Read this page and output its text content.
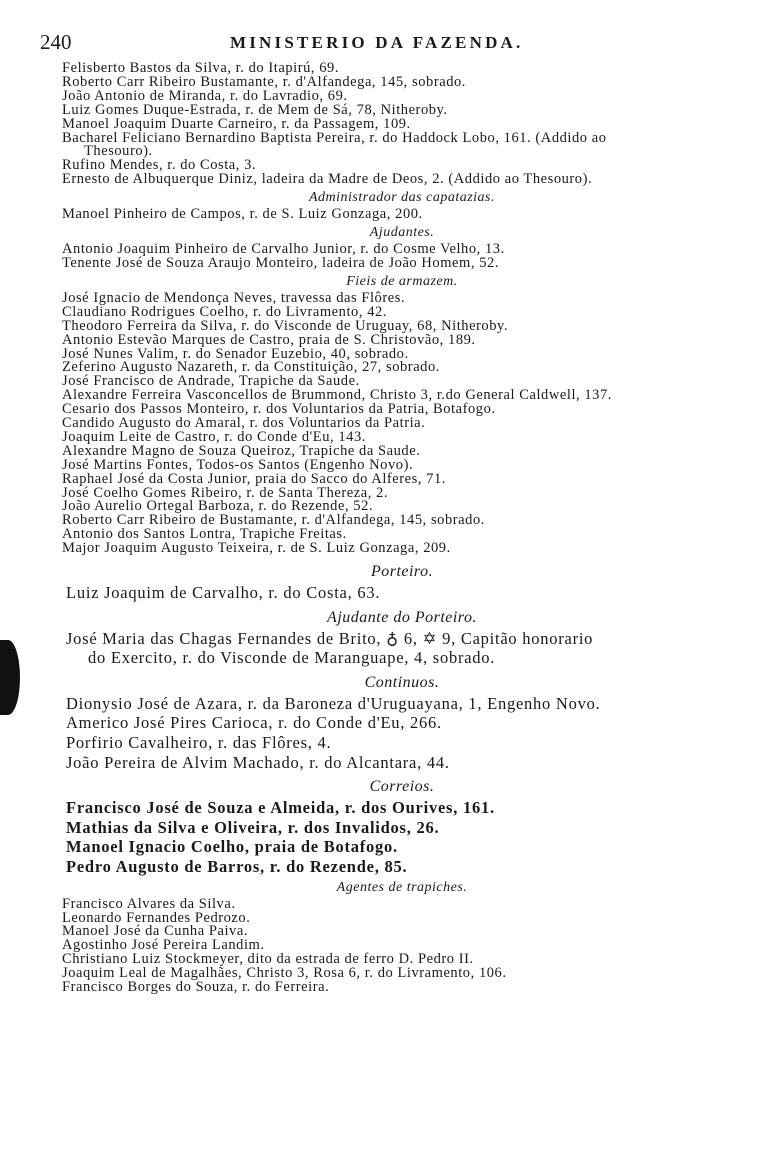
240	MINISTERIO DA FAZENDA.
Felisberto Bastos da Silva, r. do Itapirú, 69.
Roberto Carr Ribeiro Bustamante, r. d'Alfandega, 145, sobrado.
João Antonio de Miranda, r. do Lavradio, 69.
Luiz Gomes Duque-Estrada, r. de Mem de Sá, 78, Nitheroby.
Manoel Joaquim Duarte Carneiro, r. da Passagem, 109.
Bacharel Feliciano Bernardino Baptista Pereira, r. do Haddock Lobo, 161. (Addido ao
Thesouro).
Rufino Mendes, r. do Costa, 3.
Ernesto de Albuquerque Diniz, ladeira da Madre de Deos, 2. (Addido ao Thesouro).
Administrador das capatazias.
Manoel Pinheiro de Campos, r. de S. Luiz Gonzaga, 200.
Ajudantes.
Antonio Joaquim Pinheiro de Carvalho Junior, r. do Cosme Velho, 13.
Tenente José de Souza Araujo Monteiro, ladeira de João Homem, 52.
Fieis de armazem.
José Ignacio de Mendonça Neves, travessa das Flôres.
Claudiano Rodrigues Coelho, r. do Livramento, 42.
Theodoro Ferreira da Silva, r. do Visconde de Uruguay, 68, Nitheroby.
Antonio Estevão Marques de Castro, praia de S. Christovão, 189.
José Nunes Valim, r. do Senador Euzebio, 40, sobrado.
Zeferino Augusto Nazareth, r. da Constituição, 27, sobrado.
José Francisco de Andrade, Trapiche da Saude.
Alexandre Ferreira Vasconcellos de Brummond, Christo 3, r.do General Caldwell, 137.
Cesario dos Passos Monteiro, r. dos Voluntarios da Patria, Botafogo.
Candido Augusto do Amaral, r. dos Voluntarios da Patria.
Joaquim Leite de Castro, r. do Conde d'Eu, 143.
Alexandre Magno de Souza Queiroz, Trapiche da Saude.
José Martins Fontes, Todos-os Santos (Engenho Novo).
Raphael José da Costa Junior, praia do Sacco do Alferes, 71.
José Coelho Gomes Ribeiro, r. de Santa Thereza, 2.
João Aurelio Ortegal Barboza, r. do Rezende, 52.
Roberto Carr Ribeiro de Bustamante, r. d'Alfandega, 145, sobrado.
Antonio dos Santos Lontra, Trapiche Freitas.
Major Joaquim Augusto Teixeira, r. de S. Luiz Gonzaga, 209.
Porteiro.
Luiz Joaquim de Carvalho, r. do Costa, 63.
Ajudante do Porteiro.
José Maria das Chagas Fernandes de Brito, ♁ 6, ✡ 9, Capitão honorario
do Exercito, r. do Visconde de Maranguape, 4, sobrado.
Continuos.
Dionysio José de Azara, r. da Baroneza d'Uruguayana, 1, Engenho Novo.
Americo José Pires Carioca, r. do Conde d'Eu, 266.
Porfirio Cavalheiro, r. das Flôres, 4.
João Pereira de Alvim Machado, r. do Alcantara, 44.
Correios.
Francisco José de Souza e Almeida, r. dos Ourives, 161.
Mathias da Silva e Oliveira, r. dos Invalidos, 26.
Manoel Ignacio Coelho, praia de Botafogo.
Pedro Augusto de Barros, r. do Rezende, 85.
Agentes de trapiches.
Francisco Alvares da Silva.
Leonardo Fernandes Pedrozo.
Manoel José da Cunha Paiva.
Agostinho José Pereira Landim.
Christiano Luiz Stockmeyer, dito da estrada de ferro D. Pedro II.
Joaquim Leal de Magalhães, Christo 3, Rosa 6, r. do Livramento, 106.
Francisco Borges do Souza, r. do Ferreira.
